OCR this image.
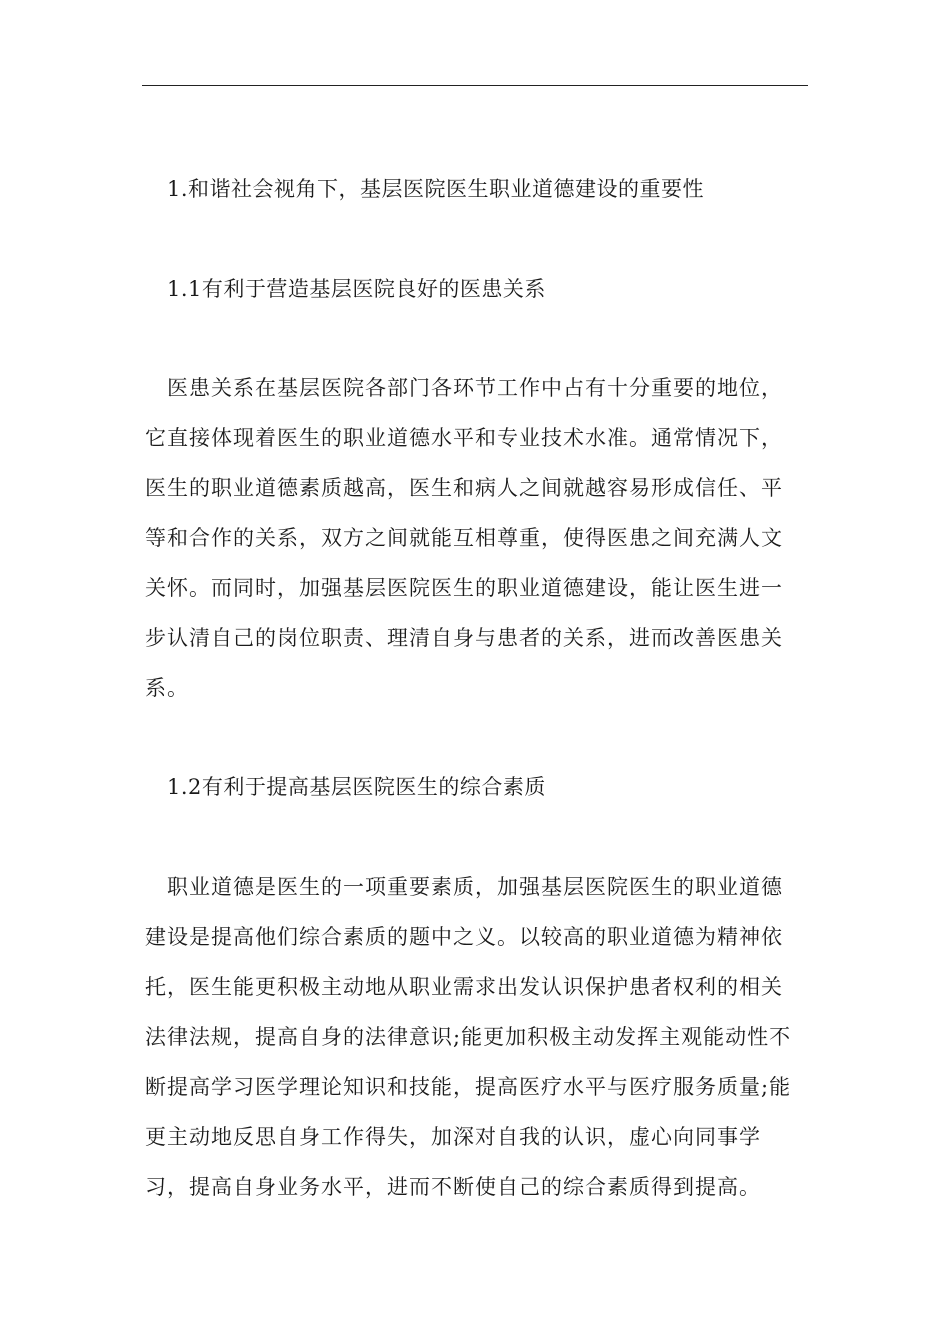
1.和谐社会视角下，基层医院医生职业道德建设的重要性
1.1有利于营造基层医院良好的医患关系
医患关系在基层医院各部门各环节工作中占有十分重要的地位，
它直接体现着医生的职业道德水平和专业技术水准。通常情况下，
医生的职业道德素质越高，医生和病人之间就越容易形成信任、平
等和合作的关系，双方之间就能互相尊重，使得医患之间充满人文
关怀。而同时，加强基层医院医生的职业道德建设，能让医生进一
步认清自己的岗位职责、理清自身与患者的关系，进而改善医患关
系。
1.2有利于提高基层医院医生的综合素质
职业道德是医生的一项重要素质，加强基层医院医生的职业道德
建设是提高他们综合素质的题中之义。以较高的职业道德为精神依
托，医生能更积极主动地从职业需求出发认识保护患者权利的相关
法律法规，提高自身的法律意识;能更加积极主动发挥主观能动性不
断提高学习医学理论知识和技能，提高医疗水平与医疗服务质量;能
更主动地反思自身工作得失，加深对自我的认识，虚心向同事学
习，提高自身业务水平，进而不断使自己的综合素质得到提高。
